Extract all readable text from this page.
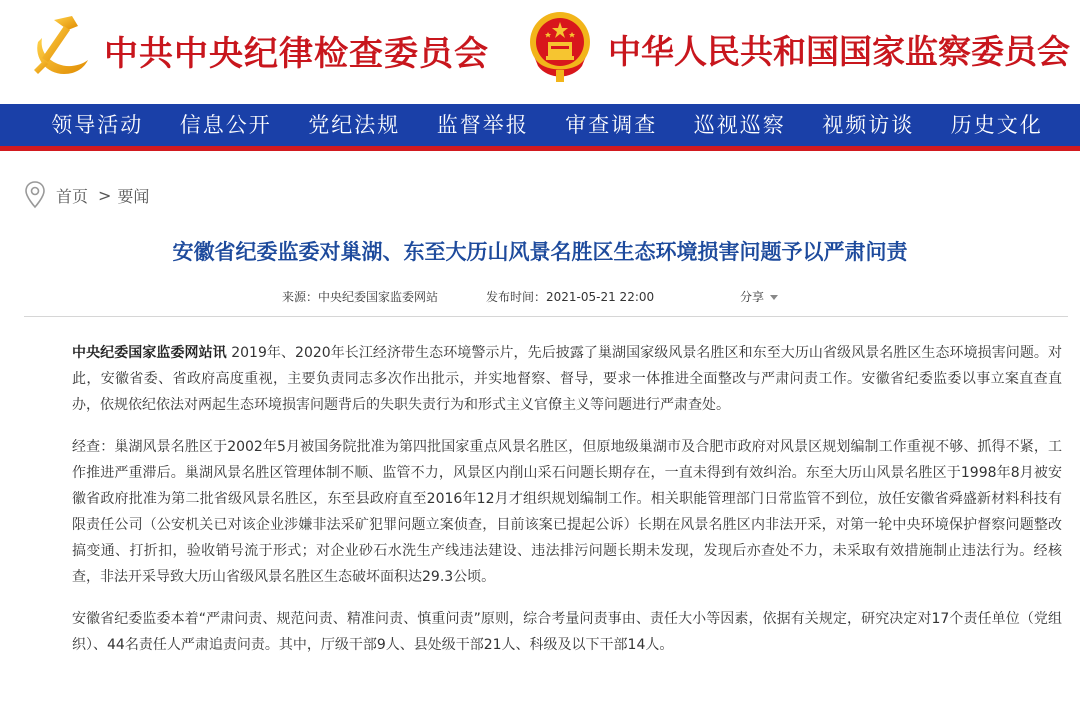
中共中央纪律检查委员会	中华人民共和国国家监察委员会
领导活动	信息公开	党纪法规	监督举报	审查调查	巡视巡察	视频访谈	历史文化
首页 > 要闻
安徽省纪委监委对巢湖、东至大历山风景名胜区生态环境损害问题予以严肃问责
来源：中央纪委国家监委网站	发布时间：2021-05-21 22:00	分享

中央纪委国家监委网站讯 2019年、2020年长江经济带生态环境警示片，先后披露了巢湖国家级风景名胜区和东至大历山省级风景名胜区生态环境损害问题。对此，安徽省委、省政府高度重视，主要负责同志多次作出批示，并实地督察、督导，要求一体推进全面整改与严肃问责工作。安徽省纪委监委以事立案直查直办，依规依纪依法对两起生态环境损害问题背后的失职失责行为和形式主义官僚主义等问题进行严肃查处。

经查：巢湖风景名胜区于2002年5月被国务院批准为第四批国家重点风景名胜区，但原地级巢湖市及合肥市政府对风景区规划编制工作重视不够、抓得不紧，工作推进严重滞后。巢湖风景名胜区管理体制不顺、监管不力，风景区内削山采石问题长期存在，一直未得到有效纠治。东至大历山风景名胜区于1998年8月被安徽省政府批准为第二批省级风景名胜区，东至县政府直至2016年12月才组织规划编制工作。相关职能管理部门日常监管不到位，放任安徽省舜盛新材料科技有限责任公司（公安机关已对该企业涉嫌非法采矿犯罪问题立案侦查，目前该案已提起公诉）长期在风景名胜区内非法开采，对第一轮中央环境保护督察问题整改搞变通、打折扣，验收销号流于形式；对企业砂石水洗生产线违法建设、违法排污问题长期未发现，发现后亦查处不力，未采取有效措施制止违法行为。经核查，非法开采导致大历山省级风景名胜区生态破坏面积达29.3公顷。

安徽省纪委监委本着“严肃问责、规范问责、精准问责、慎重问责”原则，综合考量问责事由、责任大小等因素，依据有关规定，研究决定对17个责任单位（党组织）、44名责任人严肃追责问责。其中，厅级干部9人、县处级干部21人、科级及以下干部14人。
